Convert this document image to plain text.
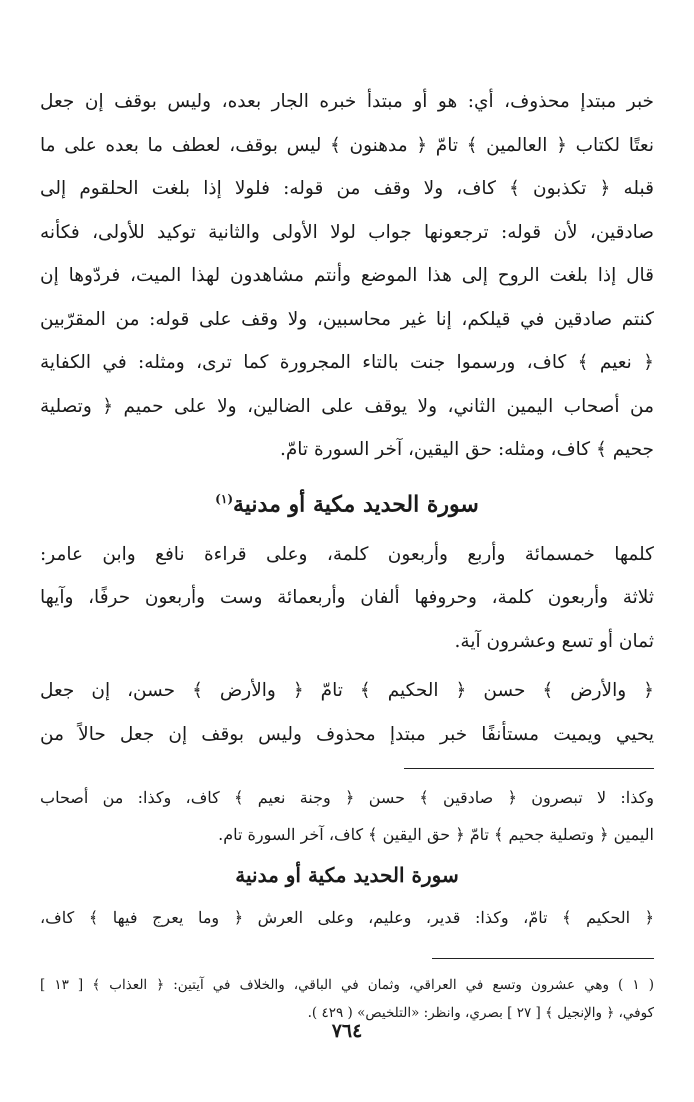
خبر مبتدإ محذوف، أي: هو أو مبتدأ خبره الجار بعده، وليس بوقف إن جعل
نعتًا لكتاب ﴿ العالمين ﴾ تامّ ﴿ مدهنون ﴾ ليس بوقف، لعطف ما بعده على ما
قبله ﴿ تكذبون ﴾ كاف، ولا وقف من قوله: فلولا إذا بلغت الحلقوم إلى
صادقين، لأن قوله: ترجعونها جواب لولا الأولى والثانية توكيد للأولى، فكأنه
قال إذا بلغت الروح إلى هذا الموضع وأنتم مشاهدون لهذا الميت، فردّوها إن
كنتم صادقين في قيلكم، إنا غير محاسبين، ولا وقف على قوله: من المقرّبين
﴿ نعيم ﴾ كاف، ورسموا جنت بالتاء المجرورة كما ترى، ومثله: في الكفاية
من أصحاب اليمين الثاني، ولا يوقف على الضالين، ولا على حميم ﴿ وتصلية
جحيم ﴾ كاف، ومثله: حق اليقين، آخر السورة تامّ.

سورة الحديد مكية أو مدنية$^{(١)}$

كلمها خمسمائة وأربع وأربعون كلمة، وعلى قراءة نافع وابن عامر:
ثلاثة وأربعون كلمة، وحروفها ألفان وأربعمائة وست وأربعون حرفًا، وآيها
ثمان أو تسع وعشرون آية.

﴿ والأرض ﴾ حسن ﴿ الحكيم ﴾ تامّ ﴿ والأرض ﴾ حسن، إن جعل
يحيي ويميت مستأنفًا خبر مبتدإ محذوف وليس بوقف إن جعل حالاً من

وكذا: لا تبصرون ﴿ صادقين ﴾ حسن ﴿ وجنة نعيم ﴾ كاف، وكذا: من أصحاب
اليمين ﴿ وتصلية جحيم ﴾ تامّ ﴿ حق اليقين ﴾ كاف، آخر السورة تام.

سورة الحديد مكية أو مدنية

﴿ الحكيم ﴾ تامّ، وكذا: قدير، وعليم، وعلى العرش ﴿ وما يعرج فيها ﴾ كاف،

( ١ ) وهي عشرون وتسع في العراقي، وثمان في الباقي، والخلاف في آيتين: ﴿ العذاب ﴾ [ ١٣ ]
كوفي، ﴿ والإنجيل ﴾ [ ٢٧ ] بصري، وانظر: «التلخيص» ( ٤٢٩ ).

٧٦٤
